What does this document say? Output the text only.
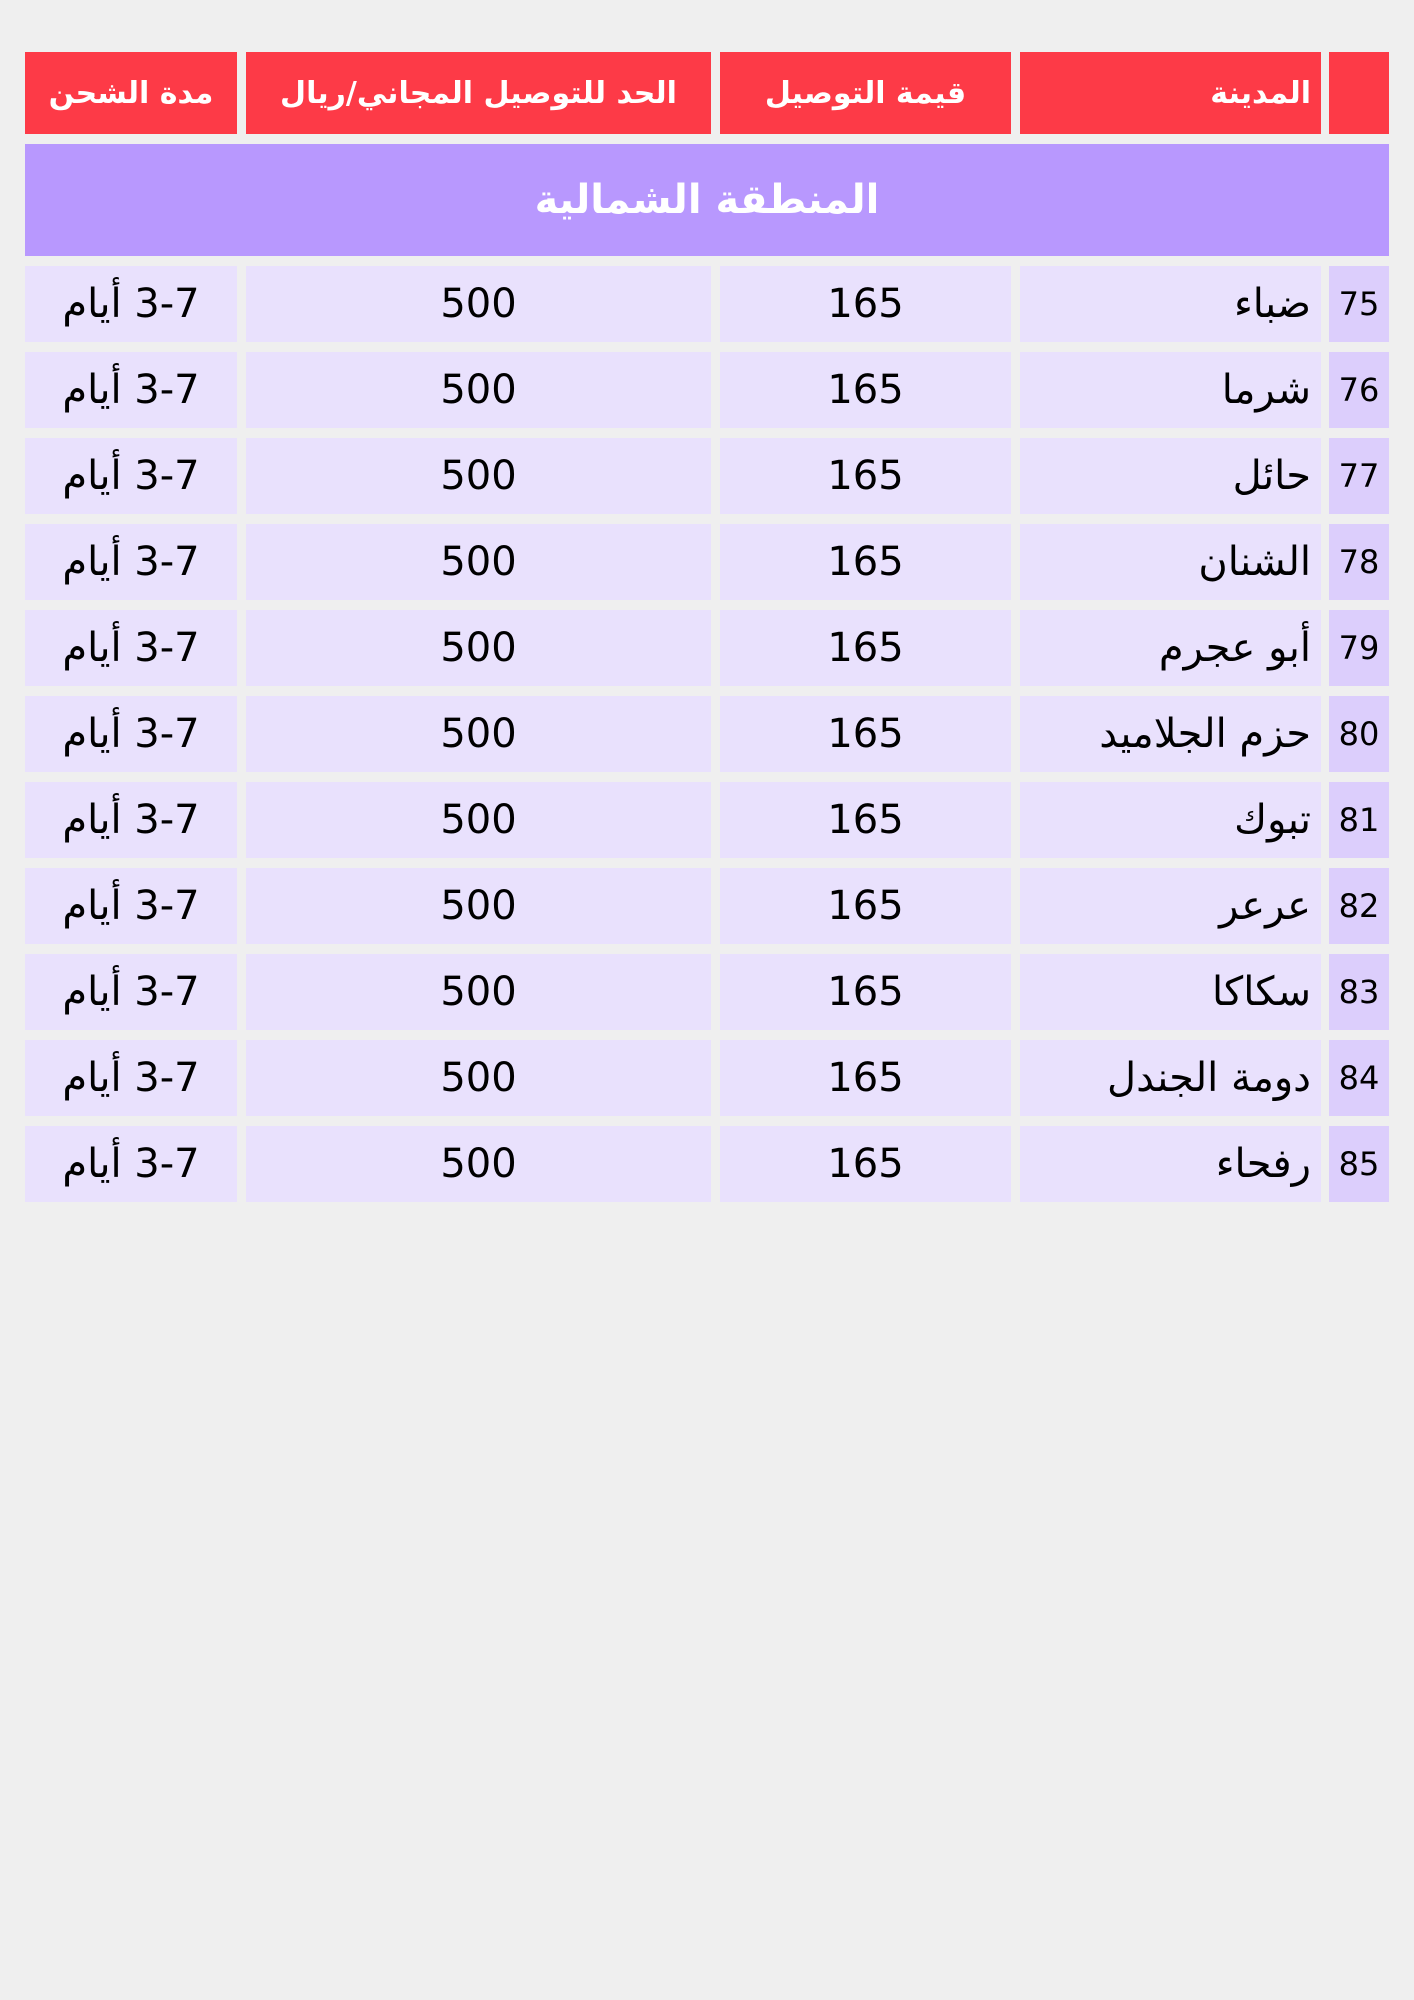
مدة الشحن	الحد للتوصيل المجاني/ريال	قيمة التوصيل	المدينة
المنطقة الشمالية
3-7 أيام	500	165	ضباء 75
3-7 أيام	500	165	شرما 76
3-7 أيام	500	165	حائل 77
3-7 أيام	500	165	الشنان 78
3-7 أيام	500	165	أبو عجرم 79
3-7 أيام	500	165	حزم الجلاميد 80
3-7 أيام	500	165	تبوك 81
3-7 أيام	500	165	عرعر 82
3-7 أيام	500	165	سكاكا 83
3-7 أيام	500	165	دومة الجندل 84
3-7 أيام	500	165	رفحاء 85
